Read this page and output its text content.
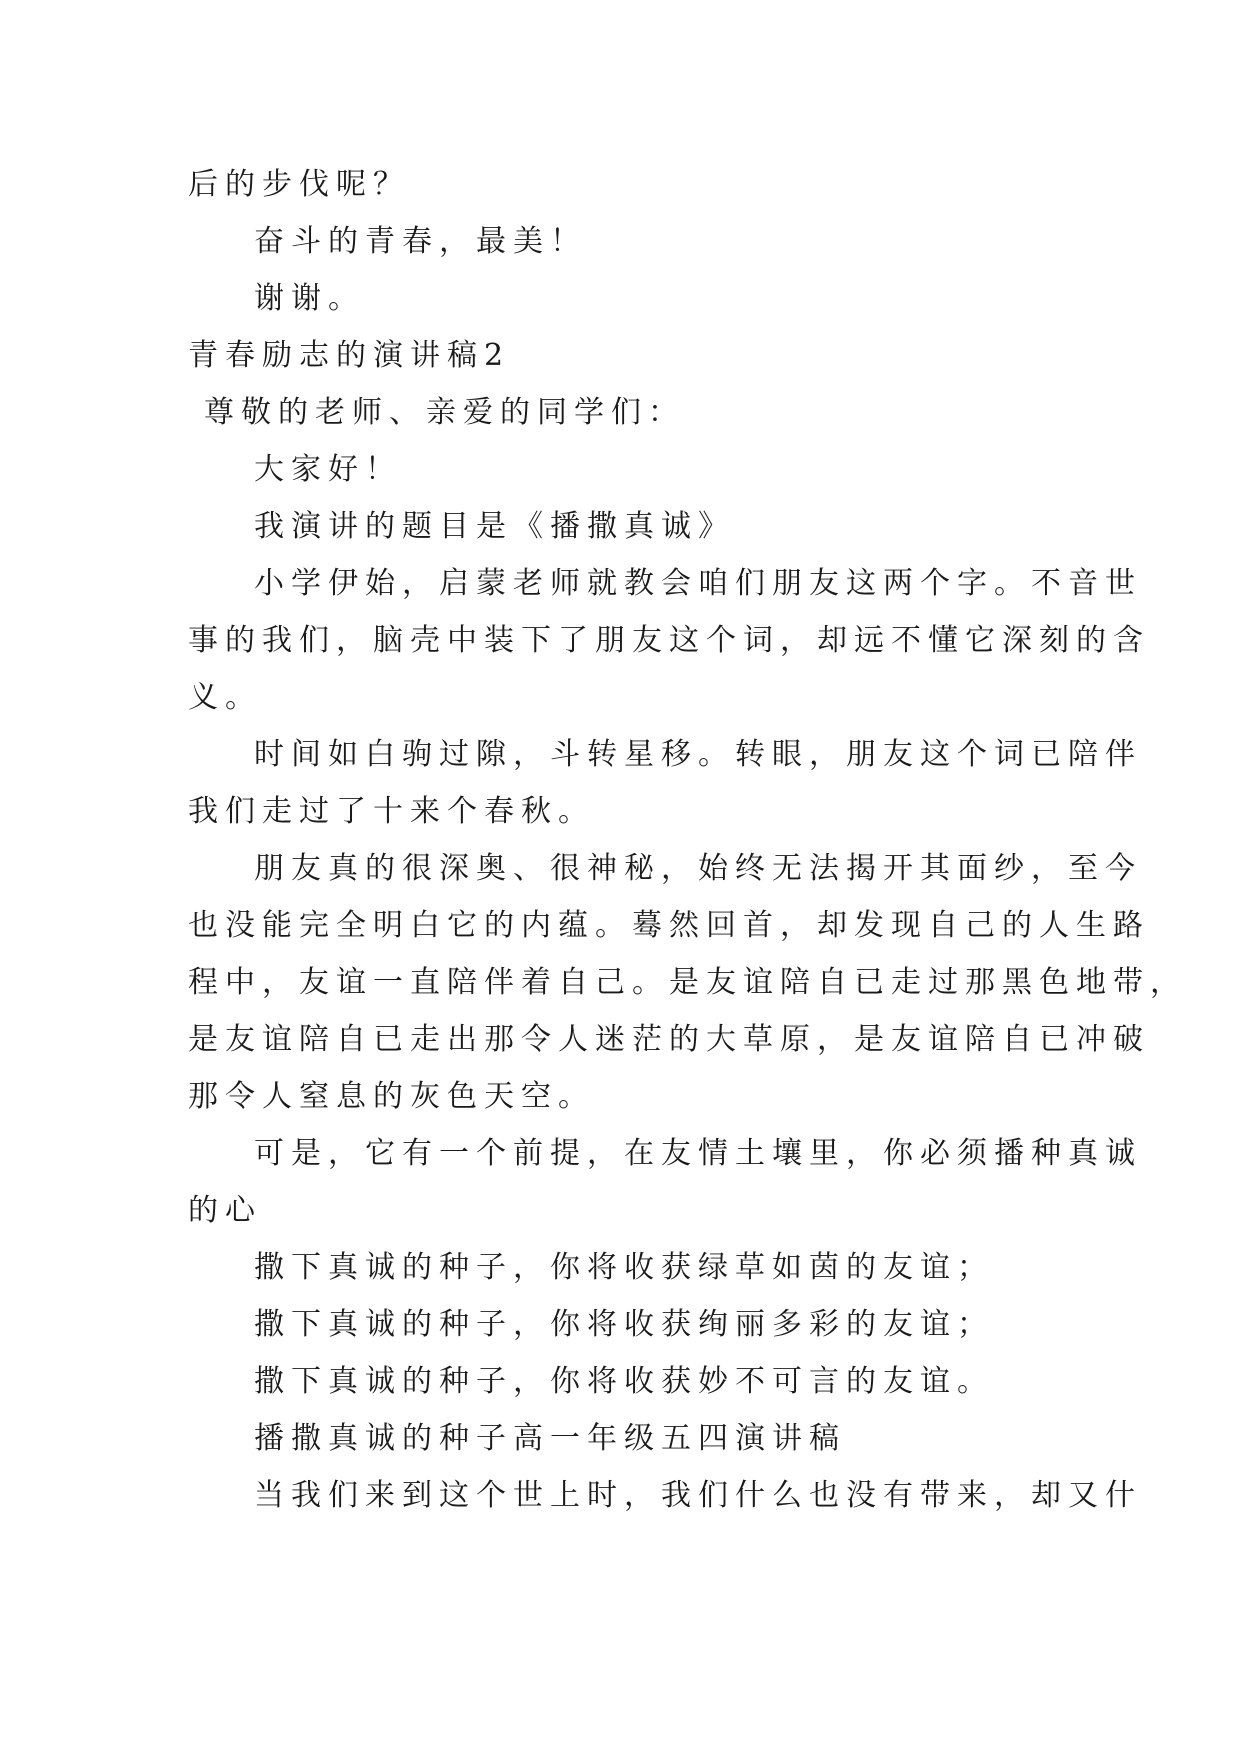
后的步伐呢？

奋斗的青春，最美！

谢谢。

青春励志的演讲稿2

尊敬的老师、亲爱的同学们：

大家好！

我演讲的题目是《播撒真诚》

小学伊始，启蒙老师就教会咱们朋友这两个字。不音世

事的我们，脑壳中装下了朋友这个词，却远不懂它深刻的含

义。

时间如白驹过隙，斗转星移。转眼，朋友这个词已陪伴

我们走过了十来个春秋。

朋友真的很深奥、很神秘，始终无法揭开其面纱，至今

也没能完全明白它的内蕴。蓦然回首，却发现自己的人生路

程中，友谊一直陪伴着自己。是友谊陪自已走过那黑色地带，

是友谊陪自已走出那令人迷茫的大草原，是友谊陪自已冲破

那令人窒息的灰色天空。

可是，它有一个前提，在友情土壤里，你必须播种真诚

的心

撒下真诚的种子，你将收获绿草如茵的友谊；

撒下真诚的种子，你将收获绚丽多彩的友谊；

撒下真诚的种子，你将收获妙不可言的友谊。

播撒真诚的种子高一年级五四演讲稿

当我们来到这个世上时，我们什么也没有带来，却又什
